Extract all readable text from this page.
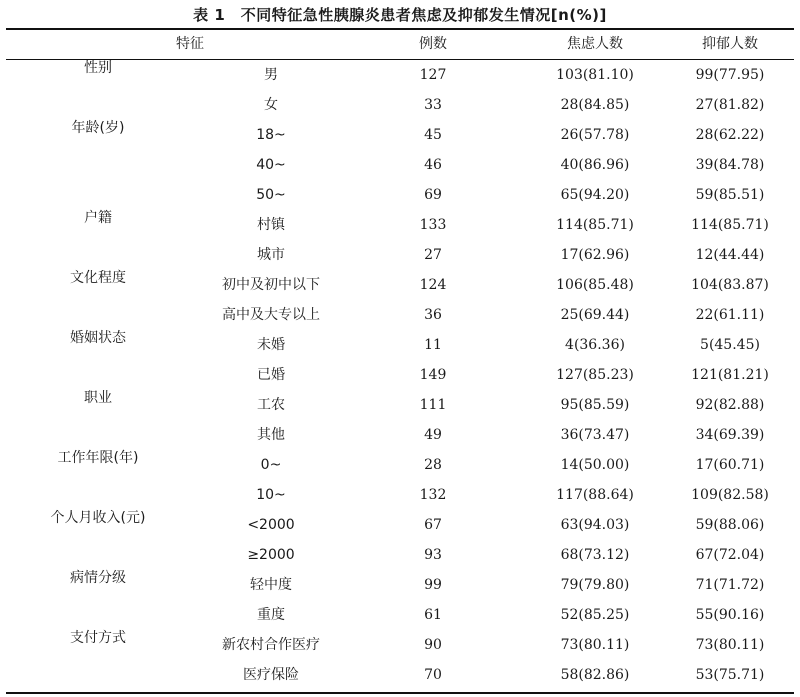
表 1　不同特征急性胰腺炎患者焦虑及抑郁发生情况[n(%)]
特征	例数	焦虑人数	抑郁人数
性别	男	127	103(81.10)	99(77.95)
女	33	28(84.85)	27(81.82)
年龄(岁)	18~	45	26(57.78)	28(62.22)
40~	46	40(86.96)	39(84.78)
50~	69	65(94.20)	59(85.51)
户籍	村镇	133	114(85.71)	114(85.71)
城市	27	17(62.96)	12(44.44)
文化程度	初中及初中以下	124	106(85.48)	104(83.87)
高中及大专以上	36	25(69.44)	22(61.11)
婚姻状态	未婚	11	4(36.36)	5(45.45)
已婚	149	127(85.23)	121(81.21)
职业	工农	111	95(85.59)	92(82.88)
其他	49	36(73.47)	34(69.39)
工作年限(年)	0~	28	14(50.00)	17(60.71)
10~	132	117(88.64)	109(82.58)
个人月收入(元)	<2000	67	63(94.03)	59(88.06)
≥2000	93	68(73.12)	67(72.04)
病情分级	轻中度	99	79(79.80)	71(71.72)
重度	61	52(85.25)	55(90.16)
支付方式	新农村合作医疗	90	73(80.11)	73(80.11)
医疗保险	70	58(82.86)	53(75.71)
